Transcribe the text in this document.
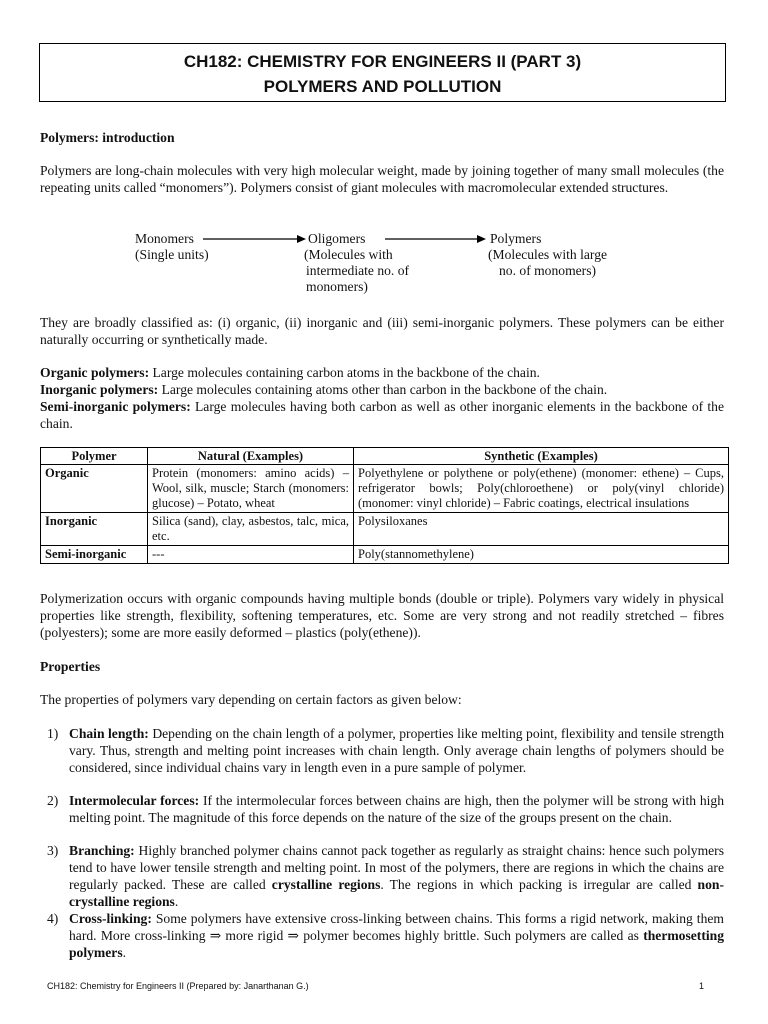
CH182: CHEMISTRY FOR ENGINEERS II (PART 3)
POLYMERS AND POLLUTION
Polymers: introduction
Polymers are long-chain molecules with very high molecular weight, made by joining together of many small molecules (the repeating units called “monomers”). Polymers consist of giant molecules with macromolecular extended structures.
Monomers
(Single units)
Oligomers
(Molecules with
intermediate no. of
monomers)
Polymers
(Molecules with large
no. of monomers)
They are broadly classified as: (i) organic, (ii) inorganic and (iii) semi-inorganic polymers. These polymers can be either naturally occurring or synthetically made.
Organic polymers: Large molecules containing carbon atoms in the backbone of the chain.
Inorganic polymers: Large molecules containing atoms other than carbon in the backbone of the chain.
Semi-inorganic polymers: Large molecules having both carbon as well as other inorganic elements in the backbone of the chain.
Polymer	Natural (Examples)	Synthetic (Examples)
Organic	Protein (monomers: amino acids) – Wool, silk, muscle; Starch (monomers: glucose) – Potato, wheat	Polyethylene or polythene or poly(ethene) (monomer: ethene) – Cups, refrigerator bowls; Poly(chloroethene) or poly(vinyl chloride) (monomer: vinyl chloride) – Fabric coatings, electrical insulations
Inorganic	Silica (sand), clay, asbestos, talc, mica, etc.	Polysiloxanes
Semi-inorganic	---	Poly(stannomethylene)
Polymerization occurs with organic compounds having multiple bonds (double or triple). Polymers vary widely in physical properties like strength, flexibility, softening temperatures, etc. Some are very strong and not readily stretched – fibres (polyesters); some are more easily deformed – plastics (poly(ethene)).
Properties
The properties of polymers vary depending on certain factors as given below:
1) Chain length: Depending on the chain length of a polymer, properties like melting point, flexibility and tensile strength vary. Thus, strength and melting point increases with chain length. Only average chain lengths of polymers should be considered, since individual chains vary in length even in a pure sample of polymer.
2) Intermolecular forces: If the intermolecular forces between chains are high, then the polymer will be strong with high melting point. The magnitude of this force depends on the nature of the size of the groups present on the chain.
3) Branching: Highly branched polymer chains cannot pack together as regularly as straight chains: hence such polymers tend to have lower tensile strength and melting point. In most of the polymers, there are regions in which the chains are regularly packed. These are called crystalline regions. The regions in which packing is irregular are called non-crystalline regions.
4) Cross-linking: Some polymers have extensive cross-linking between chains. This forms a rigid network, making them hard. More cross-linking ⇒ more rigid ⇒ polymer becomes highly brittle. Such polymers are called as thermosetting polymers.
CH182: Chemistry for Engineers II (Prepared by: Janarthanan G.)	1
